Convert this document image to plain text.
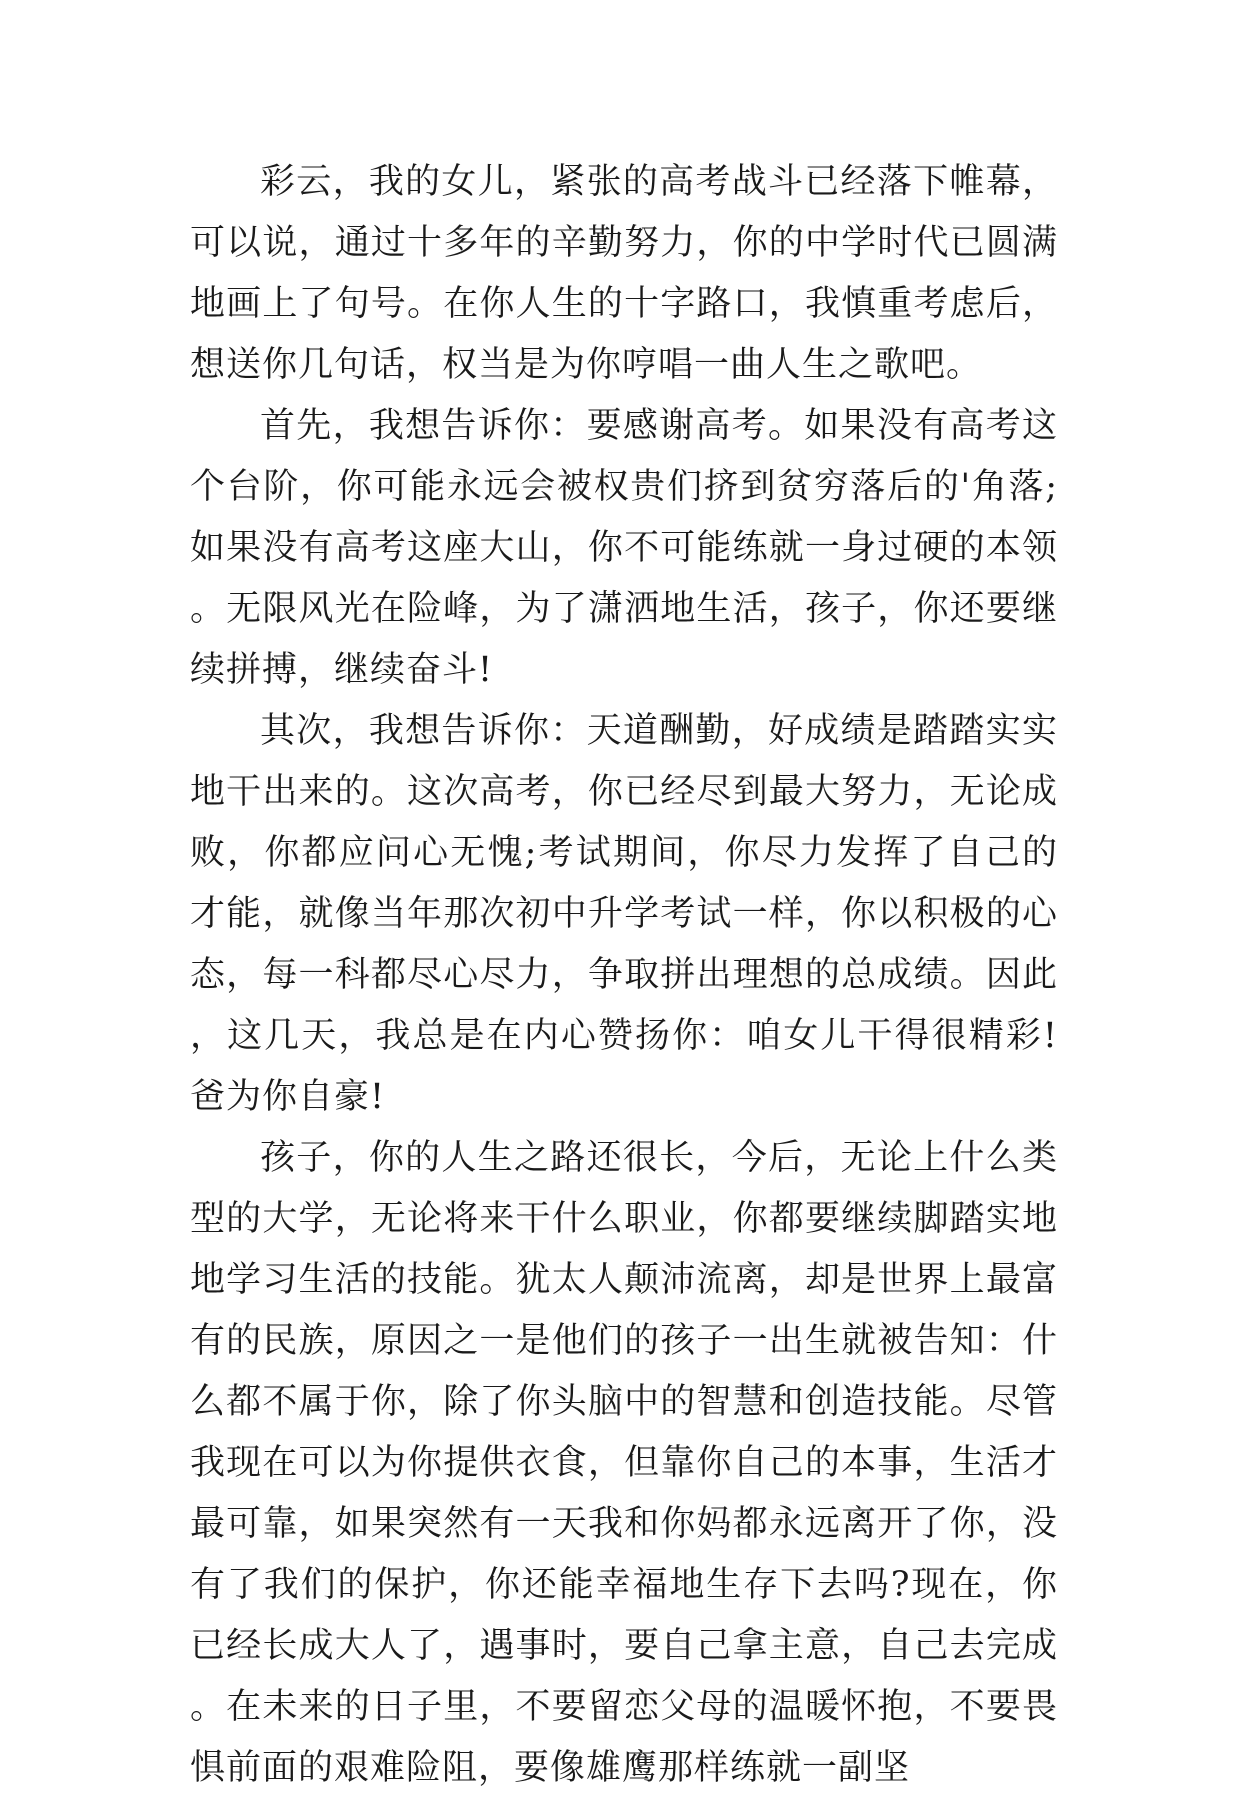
彩云，我的女儿，紧张的高考战斗已经落下帷幕，可以说，通过十多年的辛勤努力，你的中学时代已圆满地画上了句号。在你人生的十字路口，我慎重考虑后，想送你几句话，权当是为你哼唱一曲人生之歌吧。

首先，我想告诉你：要感谢高考。如果没有高考这个台阶，你可能永远会被权贵们挤到贫穷落后的'角落;如果没有高考这座大山，你不可能练就一身过硬的本领。无限风光在险峰，为了潇洒地生活，孩子，你还要继续拼搏，继续奋斗!

其次，我想告诉你：天道酬勤，好成绩是踏踏实实地干出来的。这次高考，你已经尽到最大努力，无论成败，你都应问心无愧;考试期间，你尽力发挥了自己的才能，就像当年那次初中升学考试一样，你以积极的心态，每一科都尽心尽力，争取拼出理想的总成绩。因此，这几天，我总是在内心赞扬你：咱女儿干得很精彩!爸为你自豪!

孩子，你的人生之路还很长，今后，无论上什么类型的大学，无论将来干什么职业，你都要继续脚踏实地地学习生活的技能。犹太人颠沛流离，却是世界上最富有的民族，原因之一是他们的孩子一出生就被告知：什么都不属于你，除了你头脑中的智慧和创造技能。尽管我现在可以为你提供衣食，但靠你自己的本事，生活才最可靠，如果突然有一天我和你妈都永远离开了你，没有了我们的保护，你还能幸福地生存下去吗?现在，你已经长成大人了，遇事时，要自己拿主意，自己去完成。在未来的日子里，不要留恋父母的温暖怀抱，不要畏惧前面的艰难险阻，要像雄鹰那样练就一副坚
